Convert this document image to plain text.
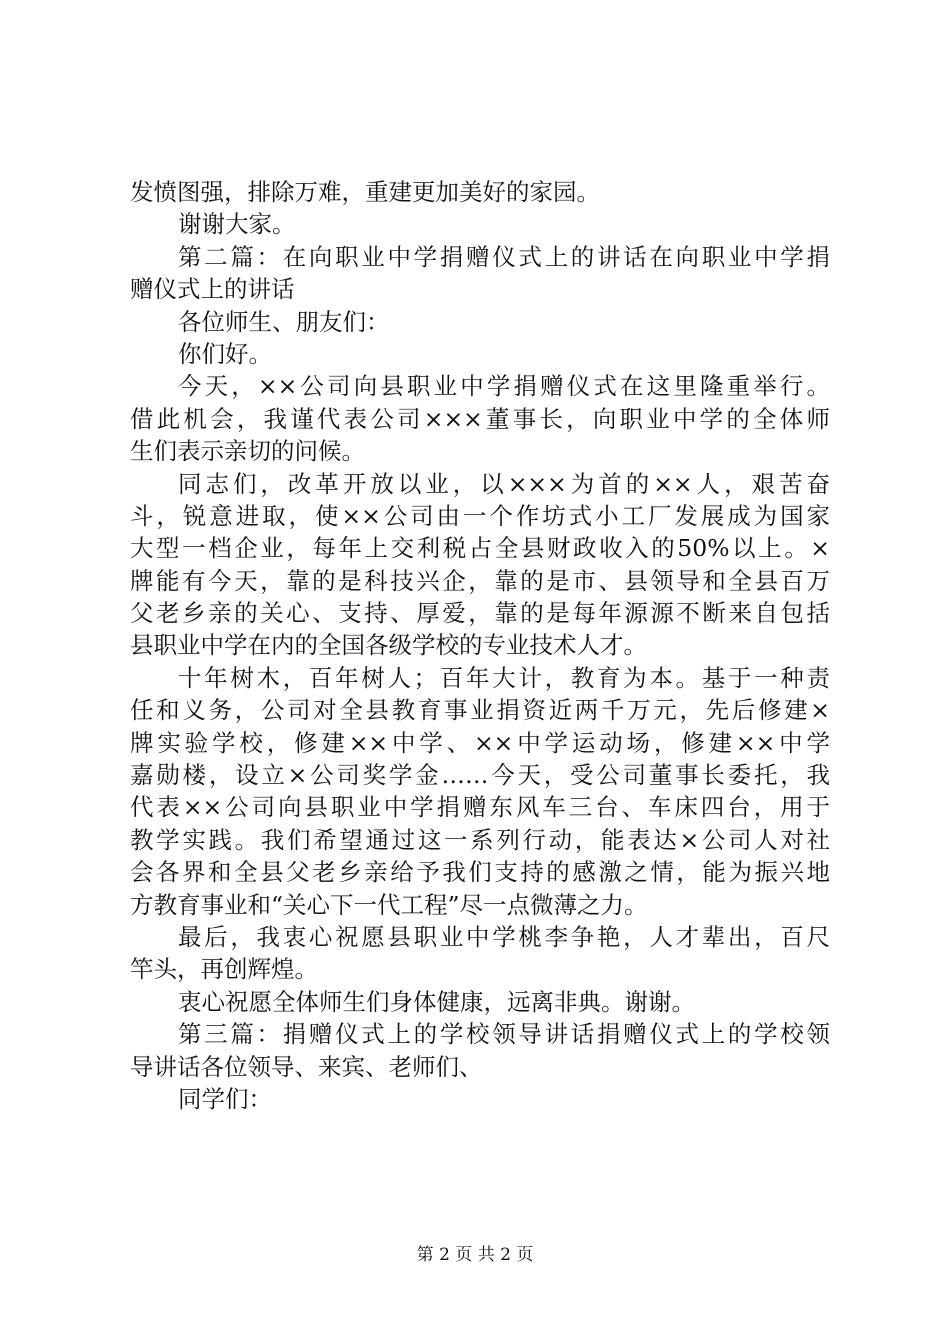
发愤图强，排除万难，重建更加美好的家园。
谢谢大家。
第二篇：在向职业中学捐赠仪式上的讲话在向职业中学捐
赠仪式上的讲话
各位师生、朋友们：
你们好。
今天，××公司向县职业中学捐赠仪式在这里隆重举行。
借此机会，我谨代表公司×××董事长，向职业中学的全体师
生们表示亲切的问候。
同志们，改革开放以业，以×××为首的××人，艰苦奋
斗，锐意进取，使××公司由一个作坊式小工厂发展成为国家
大型一档企业，每年上交利税占全县财政收入的50%以上。×
牌能有今天，靠的是科技兴企，靠的是市、县领导和全县百万
父老乡亲的关心、支持、厚爱，靠的是每年源源不断来自包括
县职业中学在内的全国各级学校的专业技术人才。
十年树木，百年树人；百年大计，教育为本。基于一种责
任和义务，公司对全县教育事业捐资近两千万元，先后修建×
牌实验学校，修建××中学、××中学运动场，修建××中学
嘉勋楼，设立×公司奖学金……今天，受公司董事长委托，我
代表××公司向县职业中学捐赠东风车三台、车床四台，用于
教学实践。我们希望通过这一系列行动，能表达×公司人对社
会各界和全县父老乡亲给予我们支持的感激之情，能为振兴地
方教育事业和“关心下一代工程”尽一点微薄之力。
最后，我衷心祝愿县职业中学桃李争艳，人才辈出，百尺
竿头，再创辉煌。
衷心祝愿全体师生们身体健康，远离非典。谢谢。
第三篇：捐赠仪式上的学校领导讲话捐赠仪式上的学校领
导讲话各位领导、来宾、老师们、
同学们：
第 2 页 共 2 页
